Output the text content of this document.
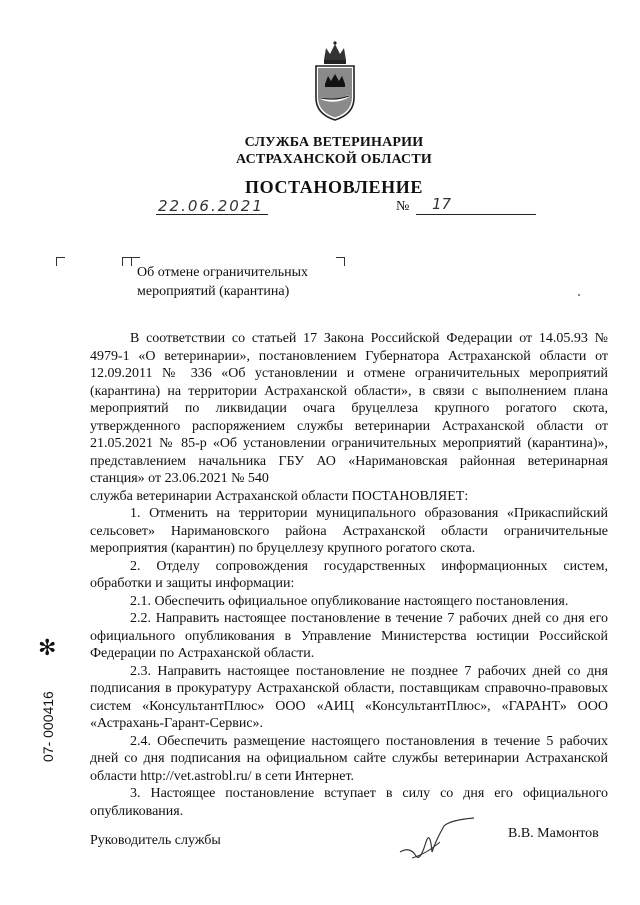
СЛУЖБА ВЕТЕРИНАРИИ
АСТРАХАНСКОЙ ОБЛАСТИ
ПОСТАНОВЛЕНИЕ
22.06.2021	№ 17
Об отмене ограничительных
мероприятий (карантина)

В соответствии со статьей 17 Закона Российской Федерации от 14.05.93 № 4979-1 «О ветеринарии», постановлением Губернатора Астраханской области от 12.09.2011 № 336 «Об установлении и отмене ограничительных мероприятий (карантина) на территории Астраханской области», в связи с выполнением плана мероприятий по ликвидации очага бруцеллеза крупного рогатого скота, утвержденного распоряжением службы ветеринарии Астраханской области от 21.05.2021 № 85-р «Об установлении ограничительных мероприятий (карантина)», представлением начальника ГБУ АО «Наримановская районная ветеринарная станция» от 23.06.2021 № 540

служба ветеринарии Астраханской области ПОСТАНОВЛЯЕТ:

1. Отменить на территории муниципального образования «Прикаспийский сельсовет» Наримановского района Астраханской области ограничительные мероприятия (карантин) по бруцеллезу крупного рогатого скота.

2. Отделу сопровождения государственных информационных систем, обработки и защиты информации:

2.1. Обеспечить официальное опубликование настоящего постановления.

2.2. Направить настоящее постановление в течение 7 рабочих дней со дня его официального опубликования в Управление Министерства юстиции Российской Федерации по Астраханской области.

2.3. Направить настоящее постановление не позднее 7 рабочих дней со дня подписания в прокуратуру Астраханской области, поставщикам справочно-правовых систем «КонсультантПлюс» ООО «АИЦ «КонсультантПлюс», «ГАРАНТ» ООО «Астрахань-Гарант-Сервис».

2.4. Обеспечить размещение настоящего постановления в течение 5 рабочих дней со дня подписания на официальном сайте службы ветеринарии Астраханской области http://vet.astrobl.ru/ в сети Интернет.

3. Настоящее постановление вступает в силу со дня его официального опубликования.

Руководитель службы	В.В. Мамонтов
✻
07- 000416
